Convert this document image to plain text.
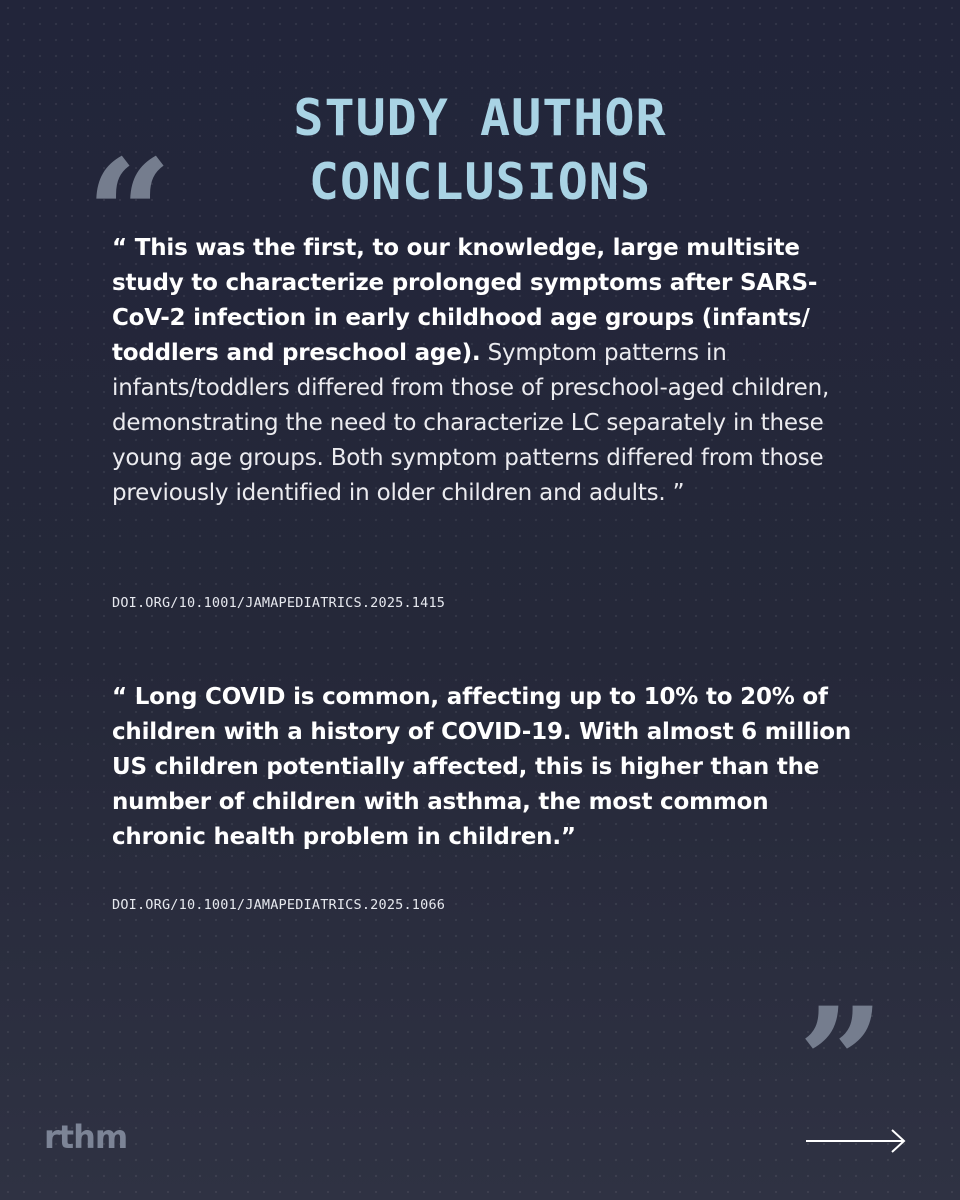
STUDY AUTHOR
CONCLUSIONS
“
“ This was the first, to our knowledge, large multisite study to characterize prolonged symptoms after SARS-CoV-2 infection in early childhood age groups (infants/ toddlers and preschool age). Symptom patterns in infants/toddlers differed from those of preschool-aged children, demonstrating the need to characterize LC separately in these young age groups. Both symptom patterns differed from those previously identified in older children and adults. ”
DOI.ORG/10.1001/JAMAPEDIATRICS.2025.1415
“ Long COVID is common, affecting up to 10% to 20% of children with a history of COVID-19. With almost 6 million US children potentially affected, this is higher than the number of children with asthma, the most common chronic health problem in children.”
DOI.ORG/10.1001/JAMAPEDIATRICS.2025.1066
”
rthm
